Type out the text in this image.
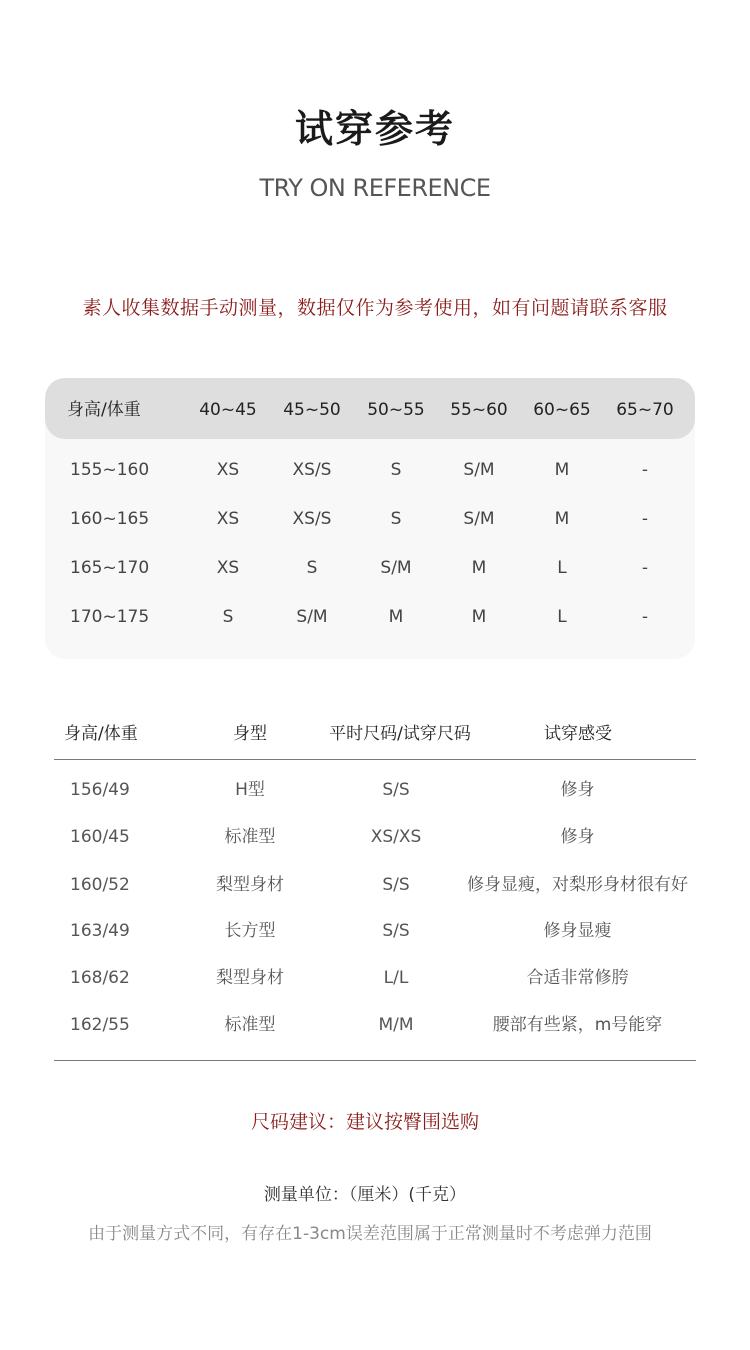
试穿参考
TRY ON REFERENCE
素人收集数据手动测量，数据仅作为参考使用，如有问题请联系客服
身高/体重	40~45	45~50	50~55	55~60	60~65	65~70
155~160	XS	XS/S	S	S/M	M	-
160~165	XS	XS/S	S	S/M	M	-
165~170	XS	S	S/M	M	L	-
170~175	S	S/M	M	M	L	-
身高/体重	身型	平时尺码/试穿尺码	试穿感受
156/49	H型	S/S	修身
160/45	标准型	XS/XS	修身
160/52	梨型身材	S/S	修身显瘦，对梨形身材很有好
163/49	长方型	S/S	修身显瘦
168/62	梨型身材	L/L	合适非常修胯
162/55	标准型	M/M	腰部有些紧，m号能穿
尺码建议：建议按臀围选购
测量单位：（厘米）(千克）
由于测量方式不同，有存在1-3cm误差范围属于正常测量时不考虑弹力范围
